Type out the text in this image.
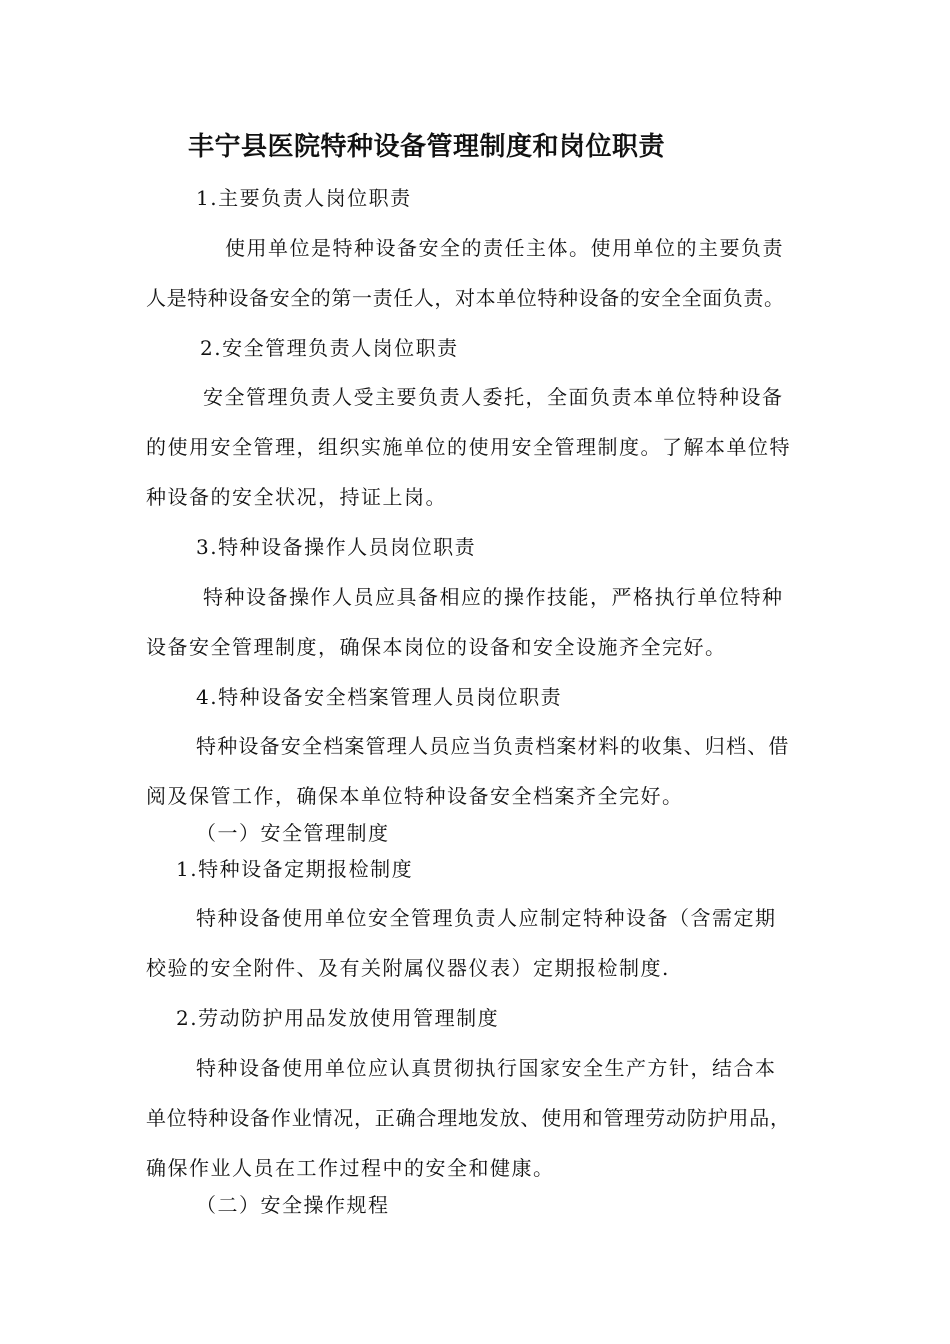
丰宁县医院特种设备管理制度和岗位职责
1.主要负责人岗位职责
使用单位是特种设备安全的责任主体。使用单位的主要负责
人是特种设备安全的第一责任人，对本单位特种设备的安全全面负责。
2.安全管理负责人岗位职责
安全管理负责人受主要负责人委托，全面负责本单位特种设备
的使用安全管理，组织实施单位的使用安全管理制度。了解本单位特
种设备的安全状况，持证上岗。
3.特种设备操作人员岗位职责
特种设备操作人员应具备相应的操作技能，严格执行单位特种
设备安全管理制度，确保本岗位的设备和安全设施齐全完好。
4.特种设备安全档案管理人员岗位职责
特种设备安全档案管理人员应当负责档案材料的收集、归档、借
阅及保管工作，确保本单位特种设备安全档案齐全完好。
（一）安全管理制度
1.特种设备定期报检制度
特种设备使用单位安全管理负责人应制定特种设备（含需定期
校验的安全附件、及有关附属仪器仪表）定期报检制度.
2.劳动防护用品发放使用管理制度
特种设备使用单位应认真贯彻执行国家安全生产方针，结合本
单位特种设备作业情况，正确合理地发放、使用和管理劳动防护用品，
确保作业人员在工作过程中的安全和健康。
（二）安全操作规程
